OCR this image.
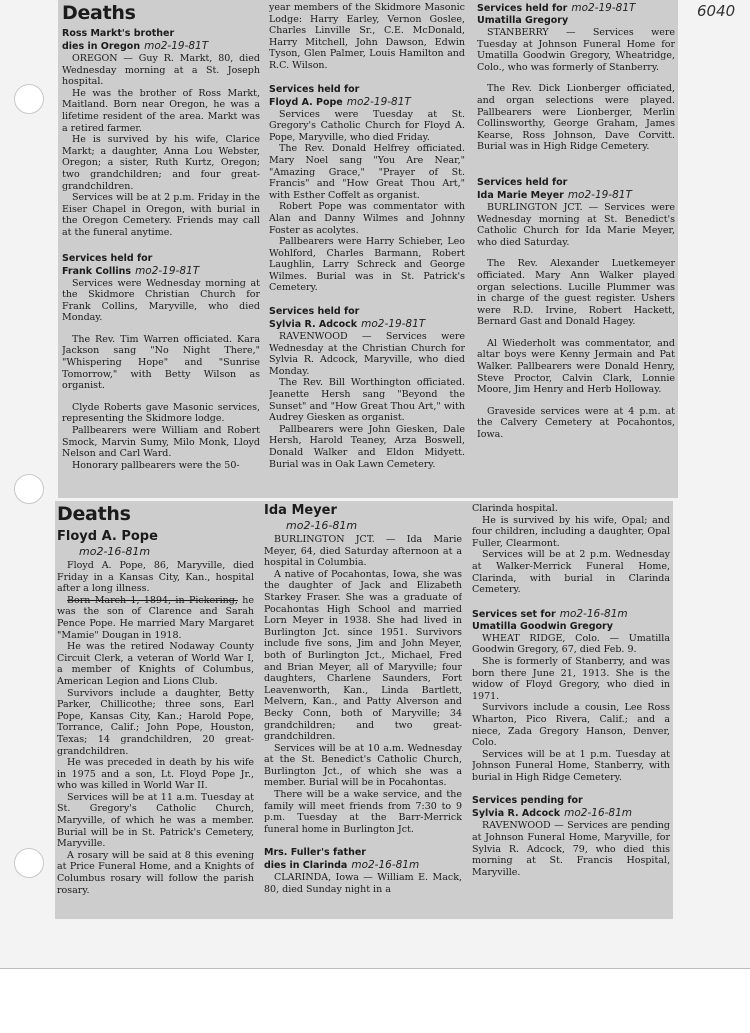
6040
Deaths
Ross Markt's brother
dies in Oregon mo2-19-81T

OREGON — Guy R. Markt, 80, died Wednesday morning at a St. Joseph hospital.

He was the brother of Ross Markt, Maitland. Born near Oregon, he was a lifetime resident of the area. Markt was a retired farmer.

He is survived by his wife, Clarice Markt; a daughter, Anna Lou Webster, Oregon; a sister, Ruth Kurtz, Oregon; two grandchildren; and four great-grandchildren.

Services will be at 2 p.m. Friday in the Eiser Chapel in Oregon, with burial in the Oregon Cemetery. Friends may call at the funeral anytime.

Services held for
Frank Collins mo2-19-81T

Services were Wednesday morning at the Skidmore Christian Church for Frank Collins, Maryville, who died Monday.

The Rev. Tim Warren officiated. Kara Jackson sang "No Night There," "Whispering Hope" and "Sunrise Tomorrow," with Betty Wilson as organist.

Clyde Roberts gave Masonic services, representing the Skidmore lodge.

Pallbearers were William and Robert Smock, Marvin Sumy, Milo Monk, Lloyd Nelson and Carl Ward.

Honorary pallbearers were the 50-

year members of the Skidmore Masonic Lodge: Harry Earley, Vernon Goslee, Charles Linville Sr., C.E. McDonald, Harry Mitchell, John Dawson, Edwin Tyson, Glen Palmer, Louis Hamilton and R.C. Wilson.

Services held for
Floyd A. Pope mo2-19-81T

Services were Tuesday at St. Gregory's Catholic Church for Floyd A. Pope, Maryville, who died Friday.

The Rev. Donald Helfrey officiated. Mary Noel sang "You Are Near," "Amazing Grace," "Prayer of St. Francis" and "How Great Thou Art," with Esther Coffelt as organist.

Robert Pope was commentator with Alan and Danny Wilmes and Johnny Foster as acolytes.

Pallbearers were Harry Schieber, Leo Wohlford, Charles Barmann, Robert Laughlin, Larry Schreck and George Wilmes. Burial was in St. Patrick's Cemetery.

Services held for
Sylvia R. Adcock mo2-19-81T

RAVENWOOD — Services were Wednesday at the Christian Church for Sylvia R. Adcock, Maryville, who died Monday.

The Rev. Bill Worthington officiated. Jeanette Hersh sang "Beyond the Sunset" and "How Great Thou Art," with Audrey Giesken as organist.

Pallbearers were John Giesken, Dale Hersh, Harold Teaney, Arza Boswell, Donald Walker and Eldon Midyett. Burial was in Oak Lawn Cemetery.

Services held for mo2-19-81T
Umatilla Gregory

STANBERRY — Services were Tuesday at Johnson Funeral Home for Umatilla Goodwin Gregory, Wheatridge, Colo., who was formerly of Stanberry.

The Rev. Dick Lionberger officiated, and organ selections were played. Pallbearers were Lionberger, Merlin Collinsworthy, George Graham, James Kearse, Ross Johnson, Dave Corvitt. Burial was in High Ridge Cemetery.

Services held for
Ida Marie Meyer mo2-19-81T

BURLINGTON JCT. — Services were Wednesday morning at St. Benedict's Catholic Church for Ida Marie Meyer, who died Saturday.

The Rev. Alexander Luetkemeyer officiated. Mary Ann Walker played organ selections. Lucille Plummer was in charge of the guest register. Ushers were R.D. Irvine, Robert Hackett, Bernard Gast and Donald Hagey.

Al Wiederholt was commentator, and altar boys were Kenny Jermain and Pat Walker. Pallbearers were Donald Henry, Steve Proctor, Calvin Clark, Lonnie Moore, Jim Henry and Herb Holloway.

Graveside services were at 4 p.m. at the Calvery Cemetery at Pocahontos, Iowa.

Deaths
Floyd A. Pope
mo2-16-81m

Floyd A. Pope, 86, Maryville, died Friday in a Kansas City, Kan., hospital after a long illness.

Born March 1, 1894, in Pickering, he was the son of Clarence and Sarah Pence Pope. He married Mary Margaret "Mamie" Dougan in 1918.

He was the retired Nodaway County Circuit Clerk, a veteran of World War I, a member of Knights of Columbus, American Legion and Lions Club.

Survivors include a daughter, Betty Parker, Chillicothe; three sons, Earl Pope, Kansas City, Kan.; Harold Pope, Torrance, Calif.; John Pope, Houston, Texas; 14 grandchildren, 20 great-grandchildren.

He was preceded in death by his wife in 1975 and a son, Lt. Floyd Pope Jr., who was killed in World War II.

Services will be at 11 a.m. Tuesday at St. Gregory's Catholic Church, Maryville, of which he was a member. Burial will be in St. Patrick's Cemetery, Maryville.

A rosary will be said at 8 this evening at Price Funeral Home, and a Knights of Columbus rosary will follow the parish rosary.

Ida Meyer
mo2-16-81m

BURLINGTON JCT. — Ida Marie Meyer, 64, died Saturday afternoon at a hospital in Columbia.

A native of Pocahontas, Iowa, she was the daughter of Jack and Elizabeth Starkey Fraser. She was a graduate of Pocahontas High School and married Lorn Meyer in 1938. She had lived in Burlington Jct. since 1951. Survivors include five sons, Jim and John Meyer, both of Burlington Jct., Michael, Fred and Brian Meyer, all of Maryville; four daughters, Charlene Saunders, Fort Leavenworth, Kan., Linda Bartlett, Melvern, Kan., and Patty Alverson and Becky Conn, both of Maryville; 34 grandchildren; and two great-grandchildren.

Services will be at 10 a.m. Wednesday at the St. Benedict's Catholic Church, Burlington Jct., of which she was a member. Burial will be in Pocahontas.

There will be a wake service, and the family will meet friends from 7:30 to 9 p.m. Tuesday at the Barr-Merrick funeral home in Burlington Jct.

Mrs. Fuller's father
dies in Clarinda mo2-16-81m

CLARINDA, Iowa — William E. Mack, 80, died Sunday night in a

Clarinda hospital.

He is survived by his wife, Opal; and four children, including a daughter, Opal Fuller, Clearmont.

Services will be at 2 p.m. Wednesday at Walker-Merrick Funeral Home, Clarinda, with burial in Clarinda Cemetery.

Services set for mo2-16-81m
Umatilla Goodwin Gregory

WHEAT RIDGE, Colo. — Umatilla Goodwin Gregory, 67, died Feb. 9.

She is formerly of Stanberry, and was born there June 21, 1913. She is the widow of Floyd Gregory, who died in 1971.

Survivors include a cousin, Lee Ross Wharton, Pico Rivera, Calif.; and a niece, Zada Gregory Hanson, Denver, Colo.

Services will be at 1 p.m. Tuesday at Johnson Funeral Home, Stanberry, with burial in High Ridge Cemetery.

Services pending for
Sylvia R. Adcock mo2-16-81m

RAVENWOOD — Services are pending at Johnson Funeral Home, Maryville, for Sylvia R. Adcock, 79, who died this morning at St. Francis Hospital, Maryville.
